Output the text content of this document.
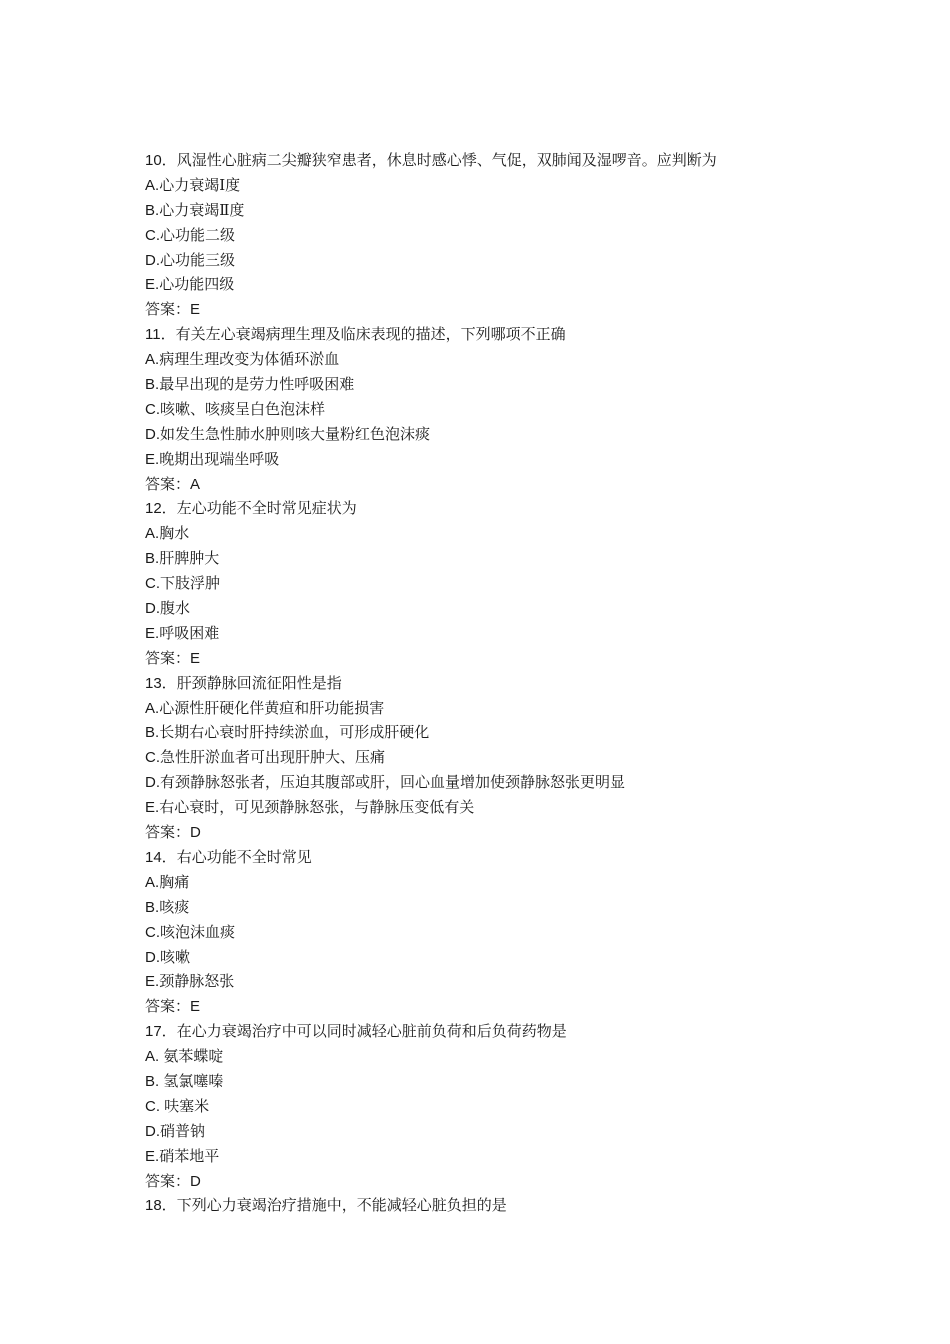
10．风湿性心脏病二尖瓣狭窄患者，休息时感心悸、气促，双肺闻及湿啰音。应判断为
A.心力衰竭Ⅰ度
B.心力衰竭Ⅱ度
C.心功能二级
D.心功能三级
E.心功能四级
答案：E
11．有关左心衰竭病理生理及临床表现的描述，下列哪项不正确
A.病理生理改变为体循环淤血
B.最早出现的是劳力性呼吸困难
C.咳嗽、咳痰呈白色泡沫样
D.如发生急性肺水肿则咳大量粉红色泡沫痰
E.晚期出现端坐呼吸
答案：A
12．左心功能不全时常见症状为
A.胸水
B.肝脾肿大
C.下肢浮肿
D.腹水
E.呼吸困难
答案：E
13．肝颈静脉回流征阳性是指
A.心源性肝硬化伴黄疸和肝功能损害
B.长期右心衰时肝持续淤血，可形成肝硬化
C.急性肝淤血者可出现肝肿大、压痛
D.有颈静脉怒张者，压迫其腹部或肝，回心血量增加使颈静脉怒张更明显
E.右心衰时，可见颈静脉怒张，与静脉压变低有关
答案：D
14．右心功能不全时常见
A.胸痛
B.咳痰
C.咳泡沫血痰
D.咳嗽
E.颈静脉怒张
答案：E
17．在心力衰竭治疗中可以同时减轻心脏前负荷和后负荷药物是
A. 氨苯蝶啶
B. 氢氯噻嗪
C. 呋塞米
D.硝普钠
E.硝苯地平
答案：D
18．下列心力衰竭治疗措施中，不能减轻心脏负担的是
